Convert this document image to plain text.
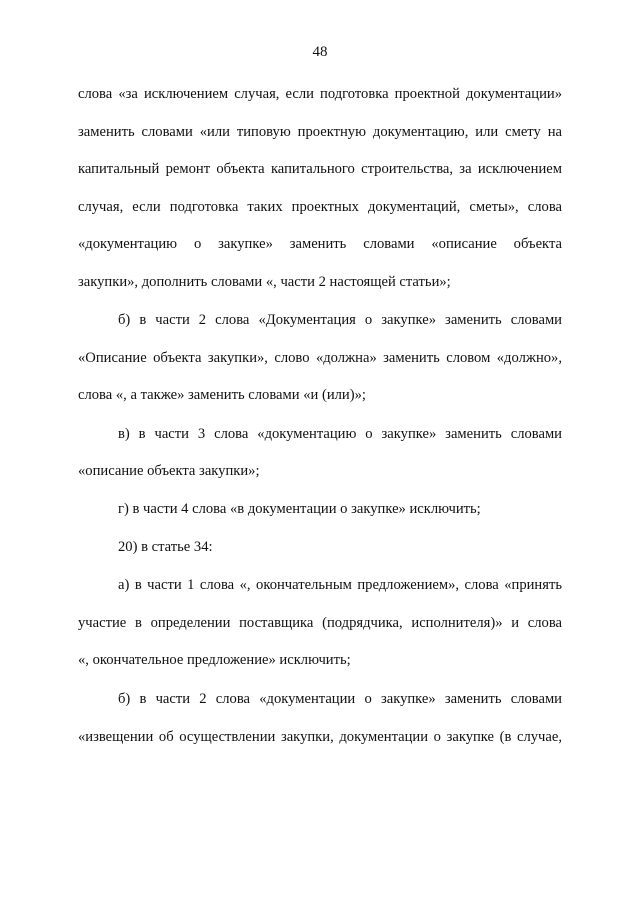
48
слова «за исключением случая, если подготовка проектной документации»
заменить словами «или типовую проектную документацию, или смету на
капитальный ремонт объекта капитального строительства, за исключением
случая, если подготовка таких проектных документаций, сметы», слова
«документацию о закупке» заменить словами «описание объекта
закупки», дополнить словами «, части 2 настоящей статьи»;
б) в части 2 слова «Документация о закупке» заменить словами
«Описание объекта закупки», слово «должна» заменить словом «должно»,
слова «, а также» заменить словами «и (или)»;
в) в части 3 слова «документацию о закупке» заменить словами
«описание объекта закупки»;
г) в части 4 слова «в документации о закупке» исключить;
20) в статье 34:
а) в части 1 слова «, окончательным предложением», слова «принять
участие в определении поставщика (подрядчика, исполнителя)» и слова
«, окончательное предложение» исключить;
б) в части 2 слова «документации о закупке» заменить словами
«извещении об осуществлении закупки, документации о закупке (в случае,
